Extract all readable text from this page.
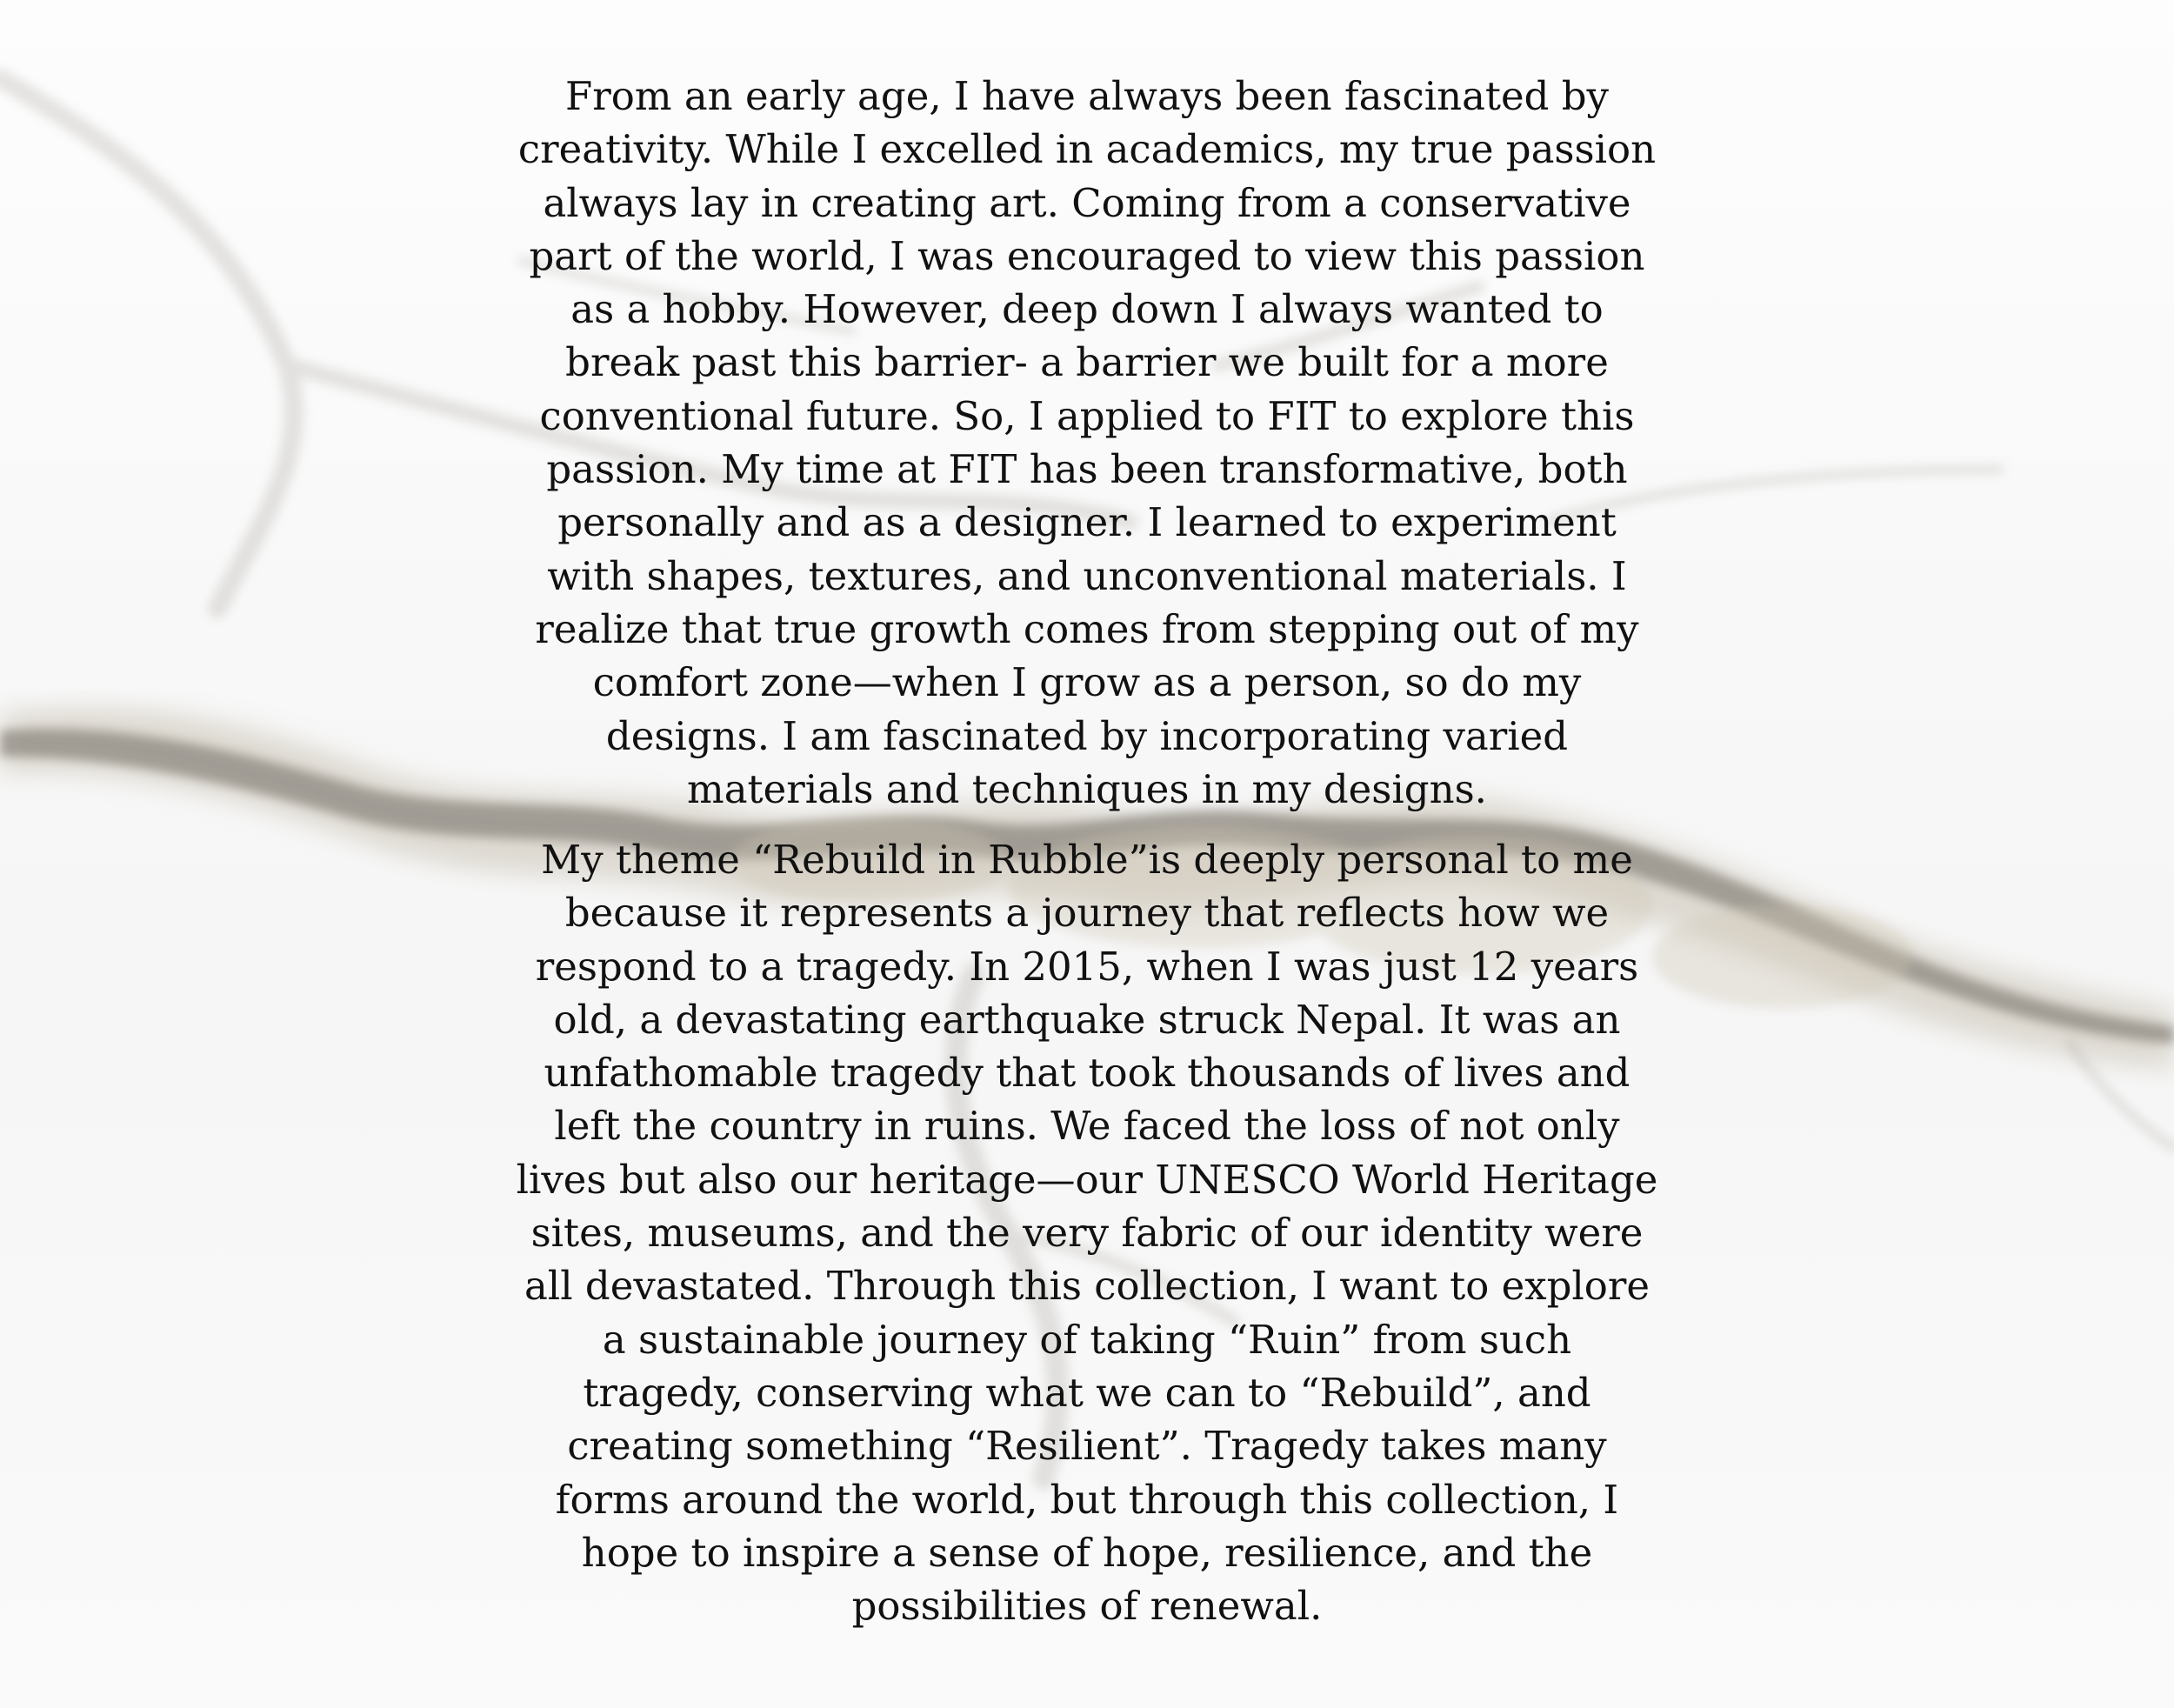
From an early age, I have always been fascinated by
creativity. While I excelled in academics, my true passion
always lay in creating art. Coming from a conservative
part of the world, I was encouraged to view this passion
as a hobby. However, deep down I always wanted to
break past this barrier- a barrier we built for a more
conventional future. So, I applied to FIT to explore this
passion. My time at FIT has been transformative, both
personally and as a designer. I learned to experiment
with shapes, textures, and unconventional materials. I
realize that true growth comes from stepping out of my
comfort zone—when I grow as a person, so do my
designs. I am fascinated by incorporating varied
materials and techniques in my designs.

My theme “Rebuild in Rubble”is deeply personal to me
because it represents a journey that reflects how we
respond to a tragedy. In 2015, when I was just 12 years
old, a devastating earthquake struck Nepal. It was an
unfathomable tragedy that took thousands of lives and
left the country in ruins. We faced the loss of not only
lives but also our heritage—our UNESCO World Heritage
sites, museums, and the very fabric of our identity were
all devastated. Through this collection, I want to explore
a sustainable journey of taking “Ruin” from such
tragedy, conserving what we can to “Rebuild”, and
creating something “Resilient”. Tragedy takes many
forms around the world, but through this collection, I
hope to inspire a sense of hope, resilience, and the
possibilities of renewal.
